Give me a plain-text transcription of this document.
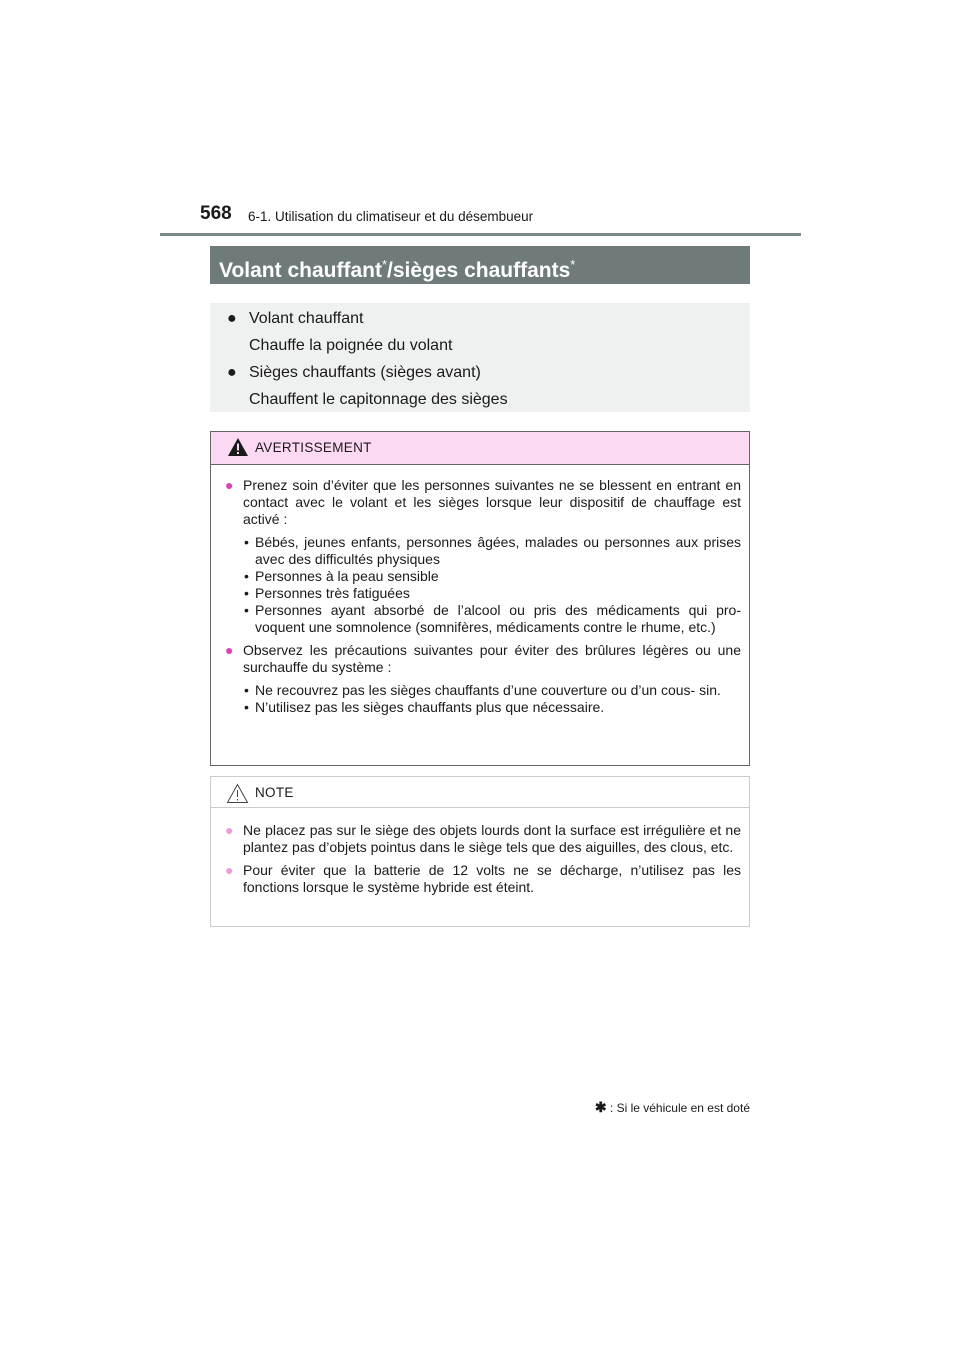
568 6-1. Utilisation du climatiseur et du désembueur
Volant chauffant*/sièges chauffants*
● Volant chauffant
Chauffe la poignée du volant
● Sièges chauffants (sièges avant)
Chauffent le capitonnage des sièges
AVERTISSEMENT
● Prenez soin d’éviter que les personnes suivantes ne se blessent en entrant en contact avec le volant et les sièges lorsque leur dispositif de chauffage est activé :
• Bébés, jeunes enfants, personnes âgées, malades ou personnes aux prises avec des difficultés physiques
• Personnes à la peau sensible
• Personnes très fatiguées
• Personnes ayant absorbé de l’alcool ou pris des médicaments qui pro- voquent une somnolence (somnifères, médicaments contre le rhume, etc.)
● Observez les précautions suivantes pour éviter des brûlures légères ou une surchauffe du système :
• Ne recouvrez pas les sièges chauffants d’une couverture ou d’un cous- sin.
• N’utilisez pas les sièges chauffants plus que nécessaire.
NOTE
● Ne placez pas sur le siège des objets lourds dont la surface est irrégulière et ne plantez pas d’objets pointus dans le siège tels que des aiguilles, des clous, etc.
● Pour éviter que la batterie de 12 volts ne se décharge, n’utilisez pas les fonctions lorsque le système hybride est éteint.
✱ : Si le véhicule en est doté
